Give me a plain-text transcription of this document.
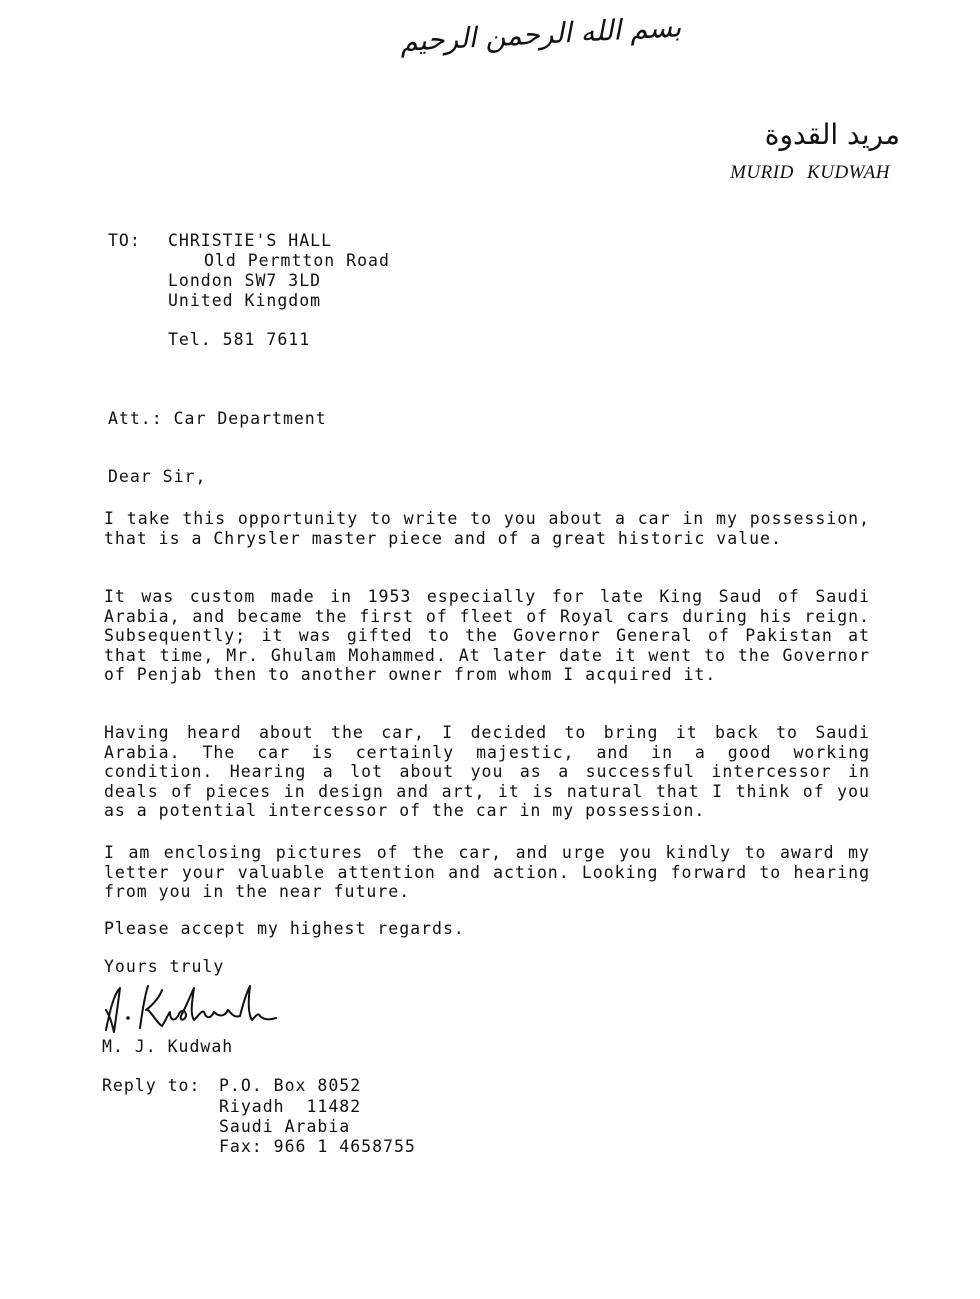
بسم الله الرحمن الرحيم
مريد القدوة
MURID KUDWAH
TO: CHRISTIE'S HALL
Old Permtton Road
London SW7 3LD
United Kingdom
Tel. 581 7611
Att.: Car Department
Dear Sir,
I take this opportunity to write to you about a car in my possession, that is a Chrysler master piece and of a great historic value.
It was custom made in 1953 especially for late King Saud of Saudi Arabia, and became the first of fleet of Royal cars during his reign. Subsequently; it was gifted to the Governor General of Pakistan at that time, Mr. Ghulam Mohammed. At later date it went to the Governor of Penjab then to another owner from whom I acquired it.
Having heard about the car, I decided to bring it back to Saudi Arabia. The car is certainly majestic, and in a good working condition. Hearing a lot about you as a successful intercessor in deals of pieces in design and art, it is natural that I think of you as a potential intercessor of the car in my possession.
I am enclosing pictures of the car, and urge you kindly to award my letter your valuable attention and action. Looking forward to hearing from you in the near future.
Please accept my highest regards.
Yours truly
M. J. Kudwah
Reply to: P.O. Box 8052
Riyadh  11482
Saudi Arabia
Fax: 966 1 4658755
